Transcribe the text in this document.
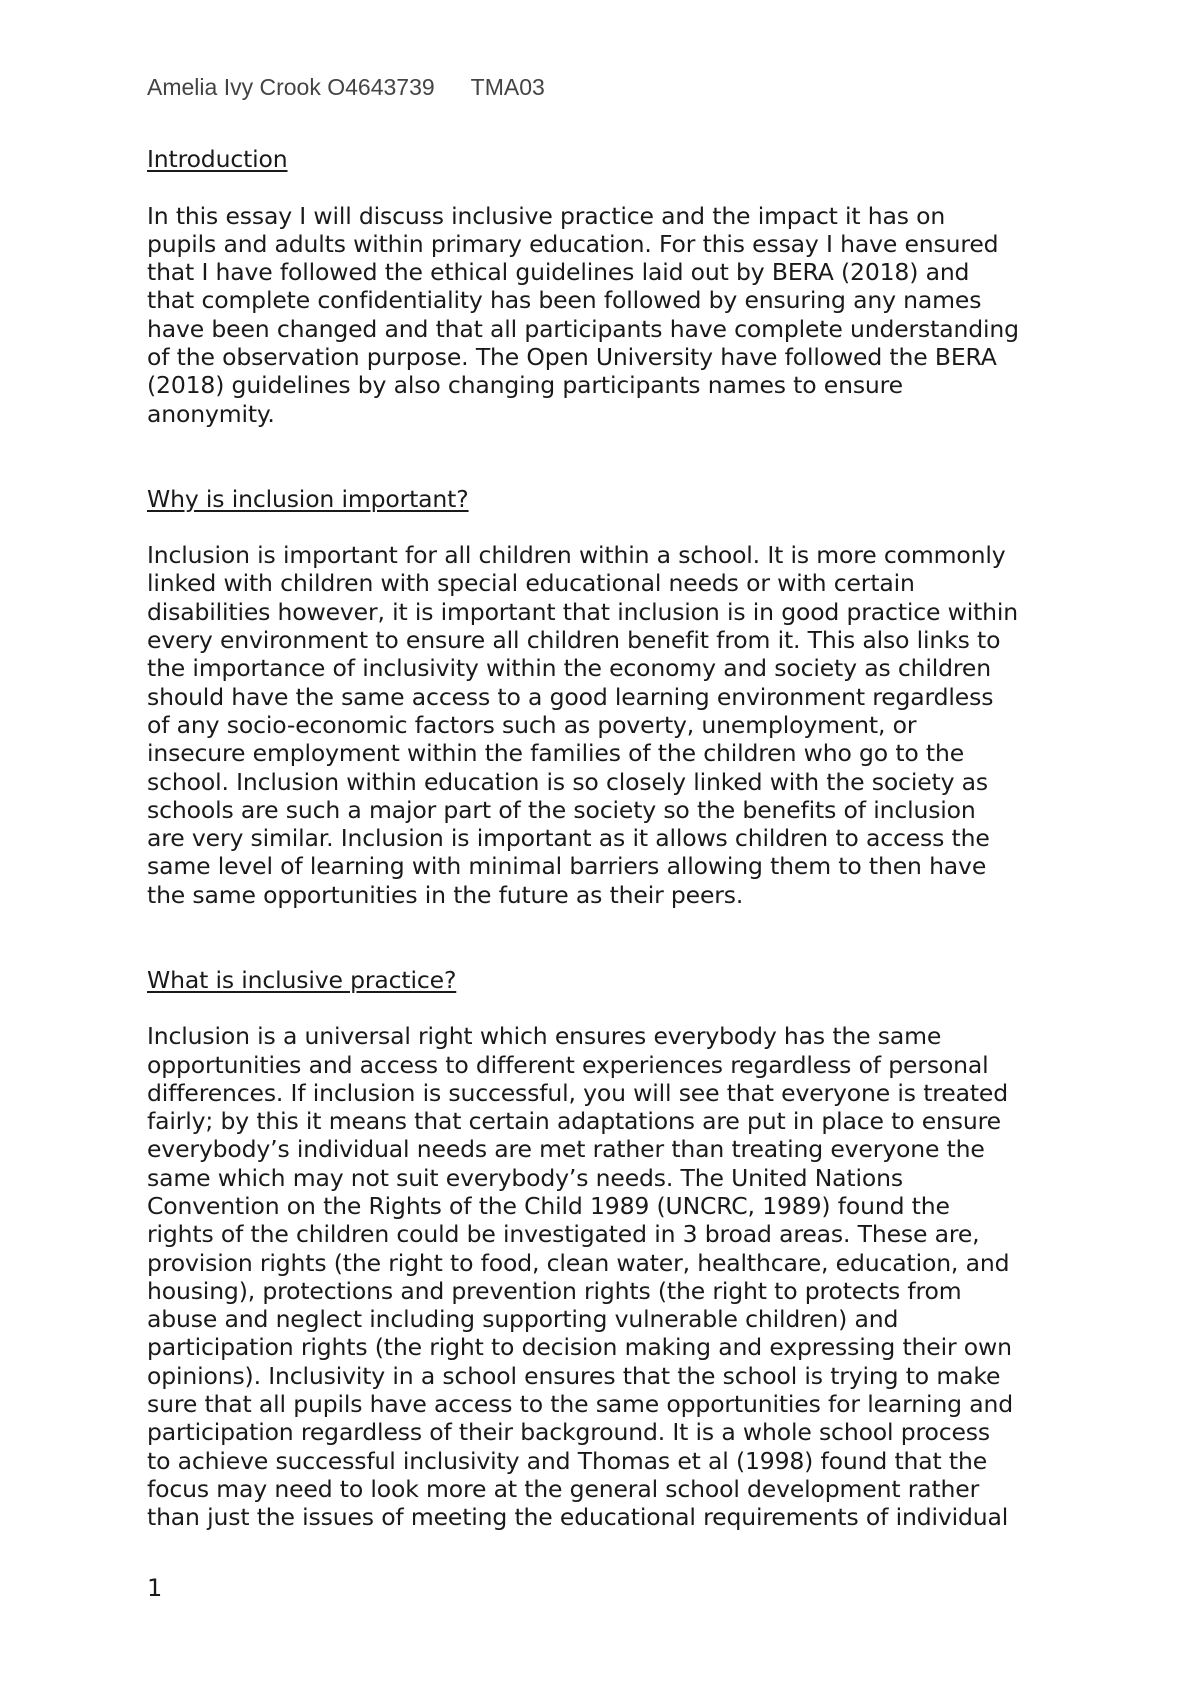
Amelia Ivy Crook O4643739 TMA03
Introduction

In this essay I will discuss inclusive practice and the impact it has on
pupils and adults within primary education. For this essay I have ensured
that I have followed the ethical guidelines laid out by BERA (2018) and
that complete confidentiality has been followed by ensuring any names
have been changed and that all participants have complete understanding
of the observation purpose. The Open University have followed the BERA
(2018) guidelines by also changing participants names to ensure
anonymity.

Why is inclusion important?

Inclusion is important for all children within a school. It is more commonly
linked with children with special educational needs or with certain
disabilities however, it is important that inclusion is in good practice within
every environment to ensure all children benefit from it. This also links to
the importance of inclusivity within the economy and society as children
should have the same access to a good learning environment regardless
of any socio-economic factors such as poverty, unemployment, or
insecure employment within the families of the children who go to the
school. Inclusion within education is so closely linked with the society as
schools are such a major part of the society so the benefits of inclusion
are very similar. Inclusion is important as it allows children to access the
same level of learning with minimal barriers allowing them to then have
the same opportunities in the future as their peers.

What is inclusive practice?

Inclusion is a universal right which ensures everybody has the same
opportunities and access to different experiences regardless of personal
differences. If inclusion is successful, you will see that everyone is treated
fairly; by this it means that certain adaptations are put in place to ensure
everybody’s individual needs are met rather than treating everyone the
same which may not suit everybody’s needs. The United Nations
Convention on the Rights of the Child 1989 (UNCRC, 1989) found the
rights of the children could be investigated in 3 broad areas. These are,
provision rights (the right to food, clean water, healthcare, education, and
housing), protections and prevention rights (the right to protects from
abuse and neglect including supporting vulnerable children) and
participation rights (the right to decision making and expressing their own
opinions). Inclusivity in a school ensures that the school is trying to make
sure that all pupils have access to the same opportunities for learning and
participation regardless of their background. It is a whole school process
to achieve successful inclusivity and Thomas et al (1998) found that the
focus may need to look more at the general school development rather
than just the issues of meeting the educational requirements of individual

1
